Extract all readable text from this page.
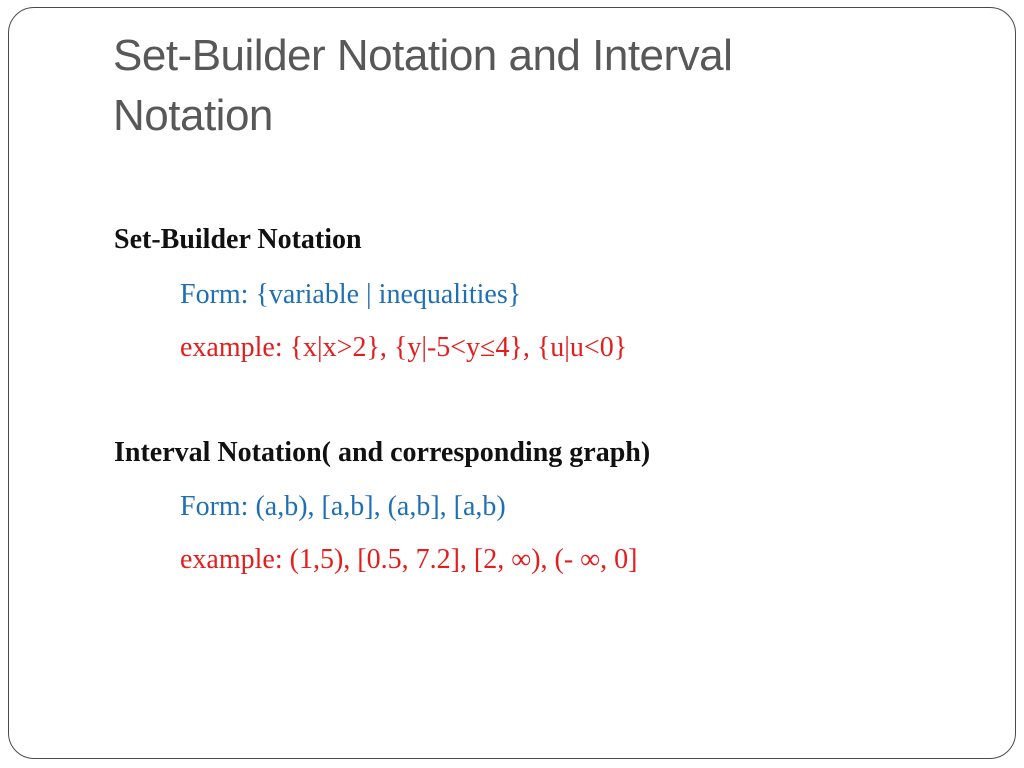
Set-Builder Notation and Interval Notation
Set-Builder Notation
Form: {variable | inequalities}
example: {x|x>2}, {y|-5<y≤4}, {u|u<0}
Interval Notation( and corresponding graph)
Form: (a,b), [a,b], (a,b], [a,b)
example: (1,5), [0.5, 7.2], [2, ∞), (- ∞, 0]
